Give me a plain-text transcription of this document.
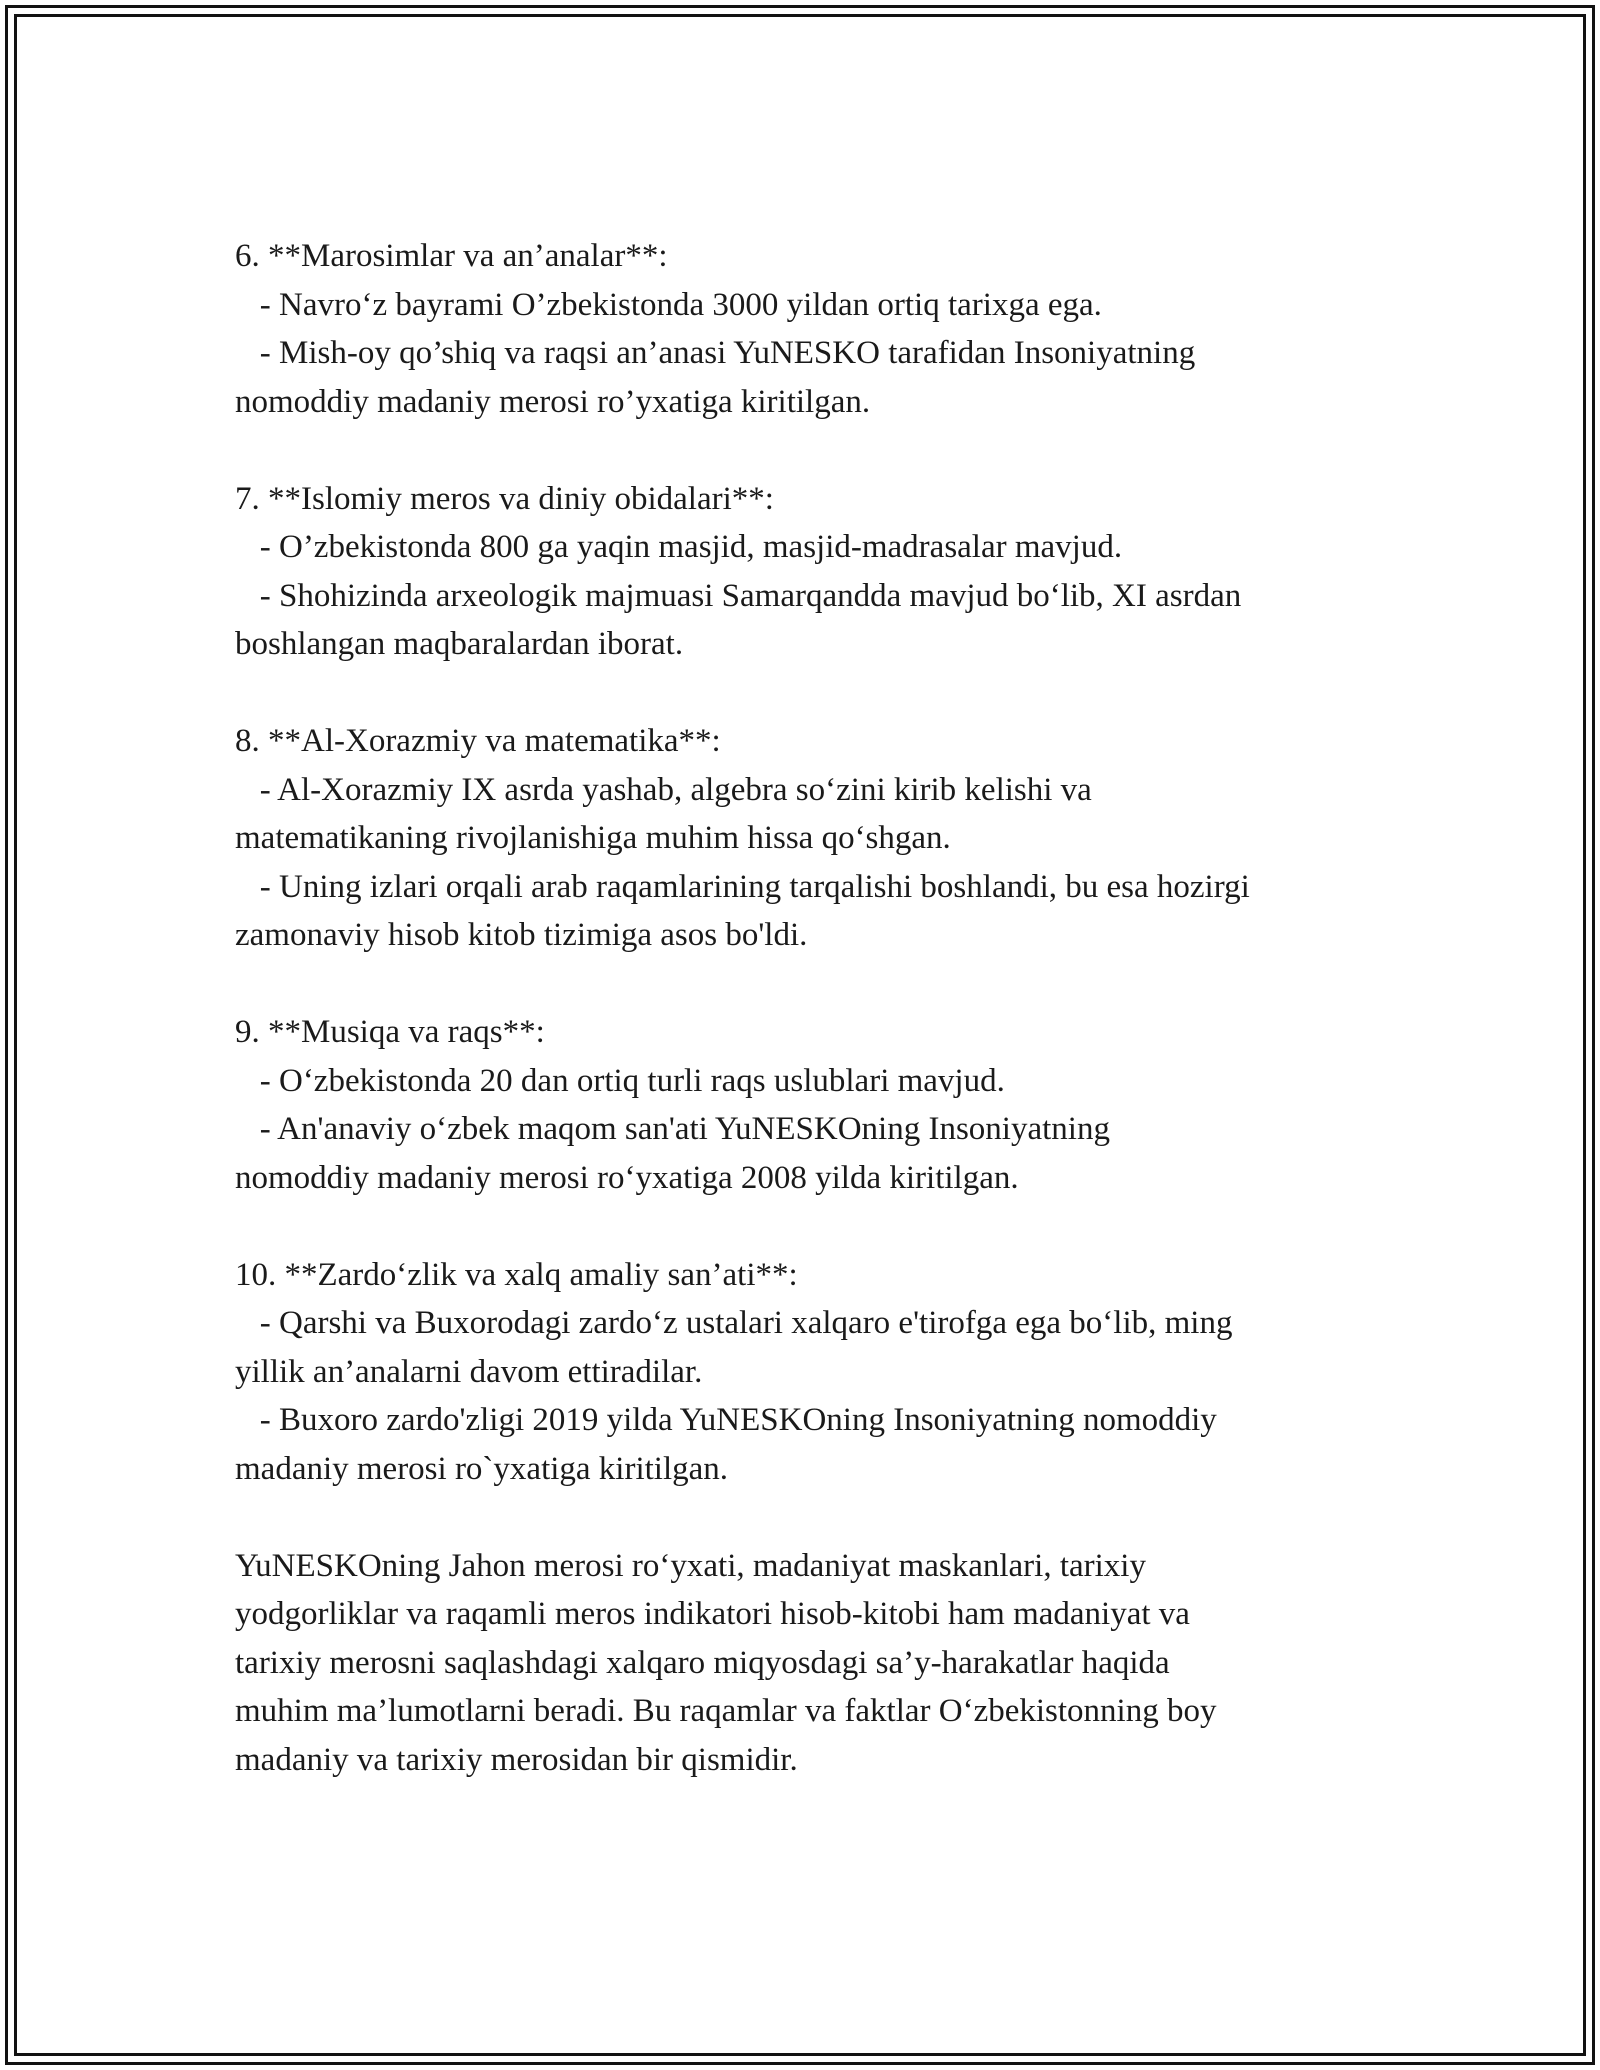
6. **Marosimlar va an’analar**:
- Navro‘z bayrami O’zbekistonda 3000 yildan ortiq tarixga ega.
- Mish-oy qo’shiq va raqsi an’anasi YuNESKO tarafidan Insoniyatning
nomoddiy madaniy merosi ro’yxatiga kiritilgan.
7. **Islomiy meros va diniy obidalari**:
- O’zbekistonda 800 ga yaqin masjid, masjid-madrasalar mavjud.
- Shohizinda arxeologik majmuasi Samarqandda mavjud bo‘lib, XI asrdan
boshlangan maqbaralardan iborat.
8. **Al-Xorazmiy va matematika**:
- Al-Xorazmiy IX asrda yashab, algebra so‘zini kirib kelishi va
matematikaning rivojlanishiga muhim hissa qo‘shgan.
- Uning izlari orqali arab raqamlarining tarqalishi boshlandi, bu esa hozirgi
zamonaviy hisob kitob tizimiga asos bo'ldi.
9. **Musiqa va raqs**:
- O‘zbekistonda 20 dan ortiq turli raqs uslublari mavjud.
- An'anaviy o‘zbek maqom san'ati YuNESKOning Insoniyatning
nomoddiy madaniy merosi ro‘yxatiga 2008 yilda kiritilgan.
10. **Zardo‘zlik va xalq amaliy san’ati**:
- Qarshi va Buxorodagi zardo‘z ustalari xalqaro e'tirofga ega bo‘lib, ming
yillik an’analarni davom ettiradilar.
- Buxoro zardo'zligi 2019 yilda YuNESKOning Insoniyatning nomoddiy
madaniy merosi ro`yxatiga kiritilgan.
YuNESKOning Jahon merosi ro‘yxati, madaniyat maskanlari, tarixiy
yodgorliklar va raqamli meros indikatori hisob-kitobi ham madaniyat va
tarixiy merosni saqlashdagi xalqaro miqyosdagi sa’y-harakatlar haqida
muhim ma’lumotlarni beradi. Bu raqamlar va faktlar O‘zbekistonning boy
madaniy va tarixiy merosidan bir qismidir.
